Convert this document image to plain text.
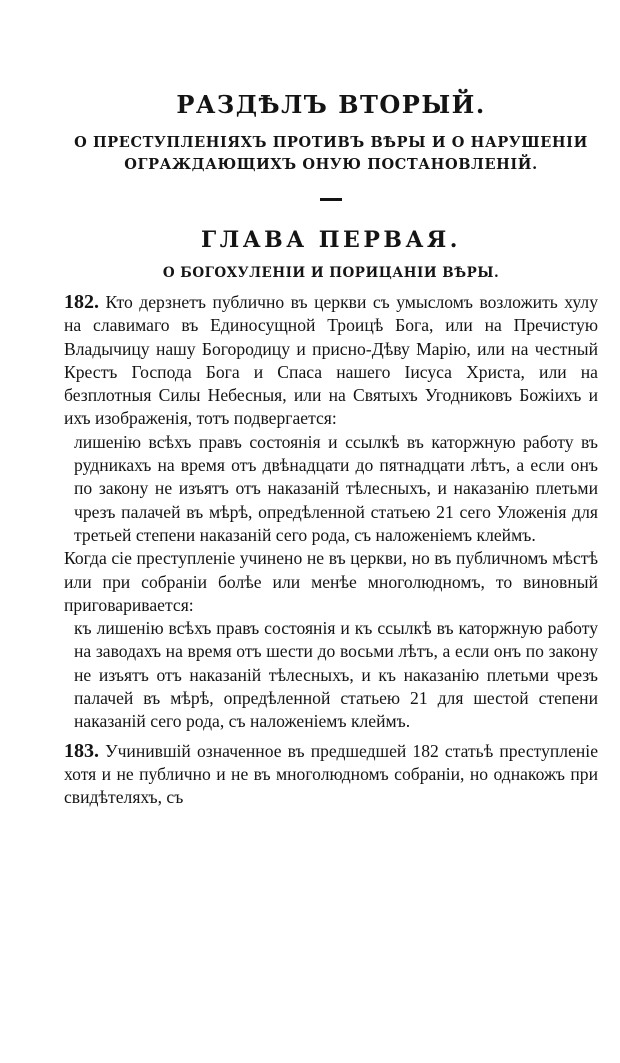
РАЗДѢЛЪ ВТОРЫЙ.
О ПРЕСТУПЛЕНІЯХЪ ПРОТИВЪ ВѢРЫ И О НАРУШЕНІИ ОГРАЖДАЮЩИХЪ ОНУЮ ПОСТАНОВЛЕНІЙ.
ГЛАВА ПЕРВАЯ.
О БОГОХУЛЕНІИ И ПОРИЦАНІИ ВѢРЫ.

182. Кто дерзнетъ публично въ церкви съ умысломъ возложить хулу на славимаго въ Единосущной Троицѣ Бога, или на Пречистую Владычицу нашу Богородицу и присно-Дѣву Марію, или на честный Крестъ Господа Бога и Спаса нашего Іисуса Христа, или на безплотныя Силы Небесныя, или на Святыхъ Угодниковъ Божіихъ и ихъ изображенія, тотъ подвергается:

лишенію всѣхъ правъ состоянія и ссылкѣ въ каторжную работу въ рудникахъ на время отъ двѣнадцати до пятнадцати лѣтъ, а если онъ по закону не изъятъ отъ наказаній тѣлесныхъ, и наказанію плетьми чрезъ палачей въ мѣрѣ, опредѣленной статьею 21 сего Уложенія для третьей степени наказаній сего рода, съ наложеніемъ клеймъ.

Когда сіе преступленіе учинено не въ церкви, но въ публичномъ мѣстѣ или при собраніи болѣе или менѣе многолюдномъ, то виновный приговаривается:

къ лишенію всѣхъ правъ состоянія и къ ссылкѣ въ каторжную работу на заводахъ на время отъ шести до восьми лѣтъ, а если онъ по закону не изъятъ отъ наказаній тѣлесныхъ, и къ наказанію плетьми чрезъ палачей въ мѣрѣ, опредѣленной статьею 21 для шестой степени наказаній сего рода, съ наложеніемъ клеймъ.

183. Учинившій означенное въ предшедшей 182 статьѣ преступленіе хотя и не публично и не въ многолюдномъ собраніи, но однакожъ при свидѣтеляхъ, съ
